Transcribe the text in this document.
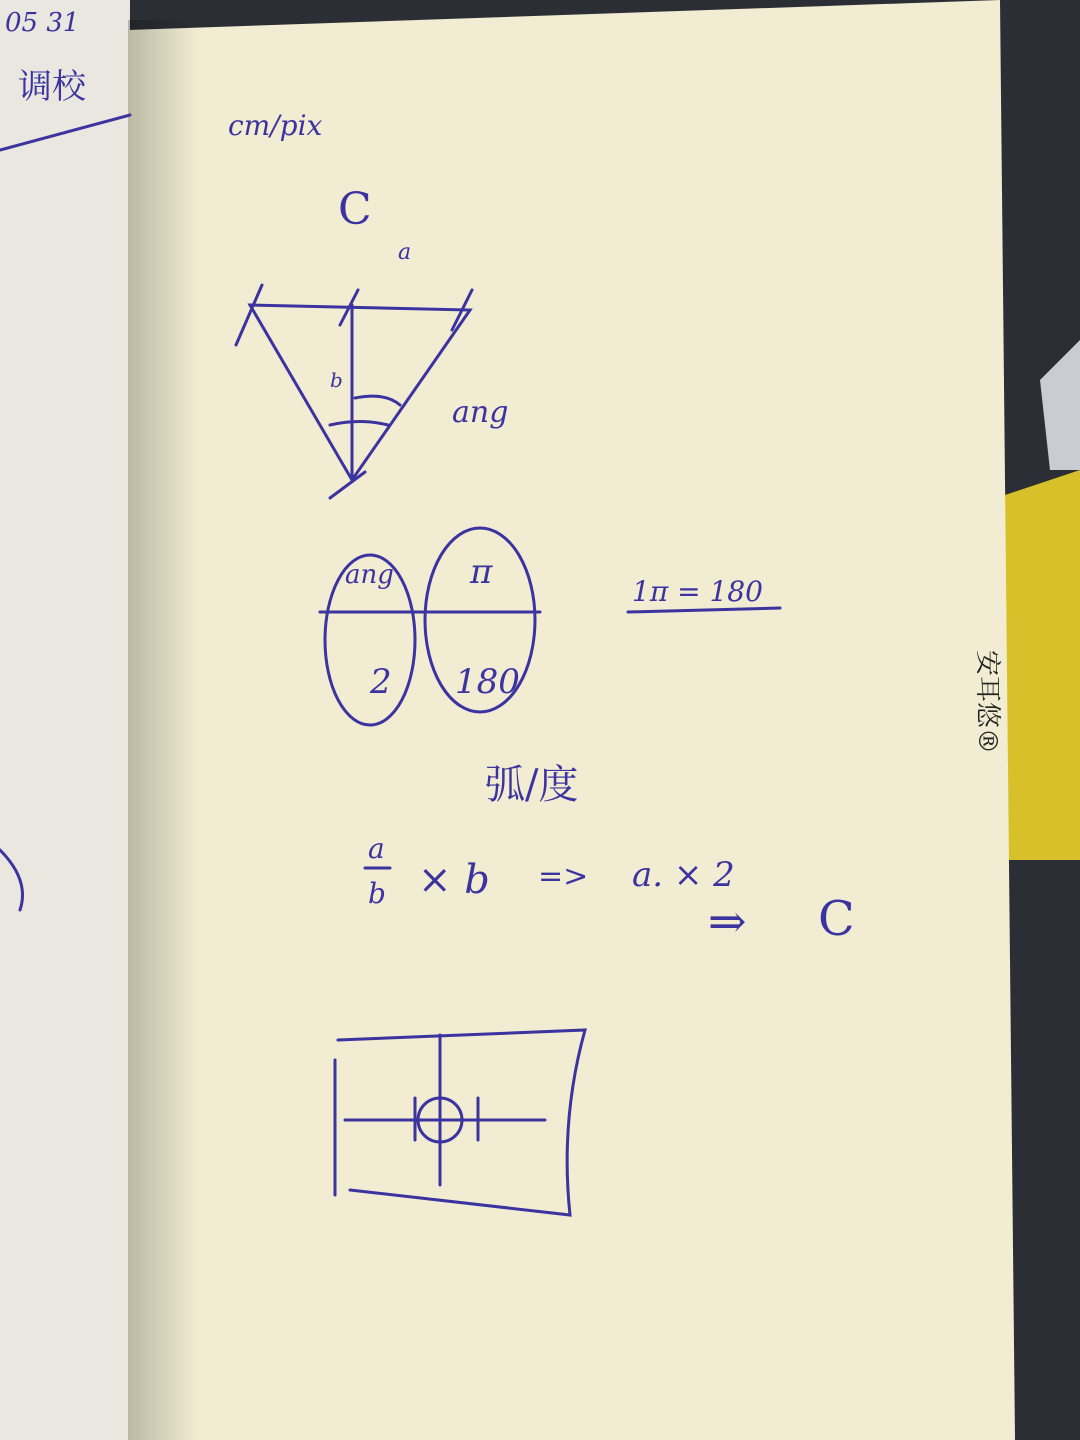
cm/pix
C
a
b
ang
ang
2
π
180
1π = 180
弧/度
a
b × b => a. × 2
⇒ C
05 31
调校
安耳悠®
